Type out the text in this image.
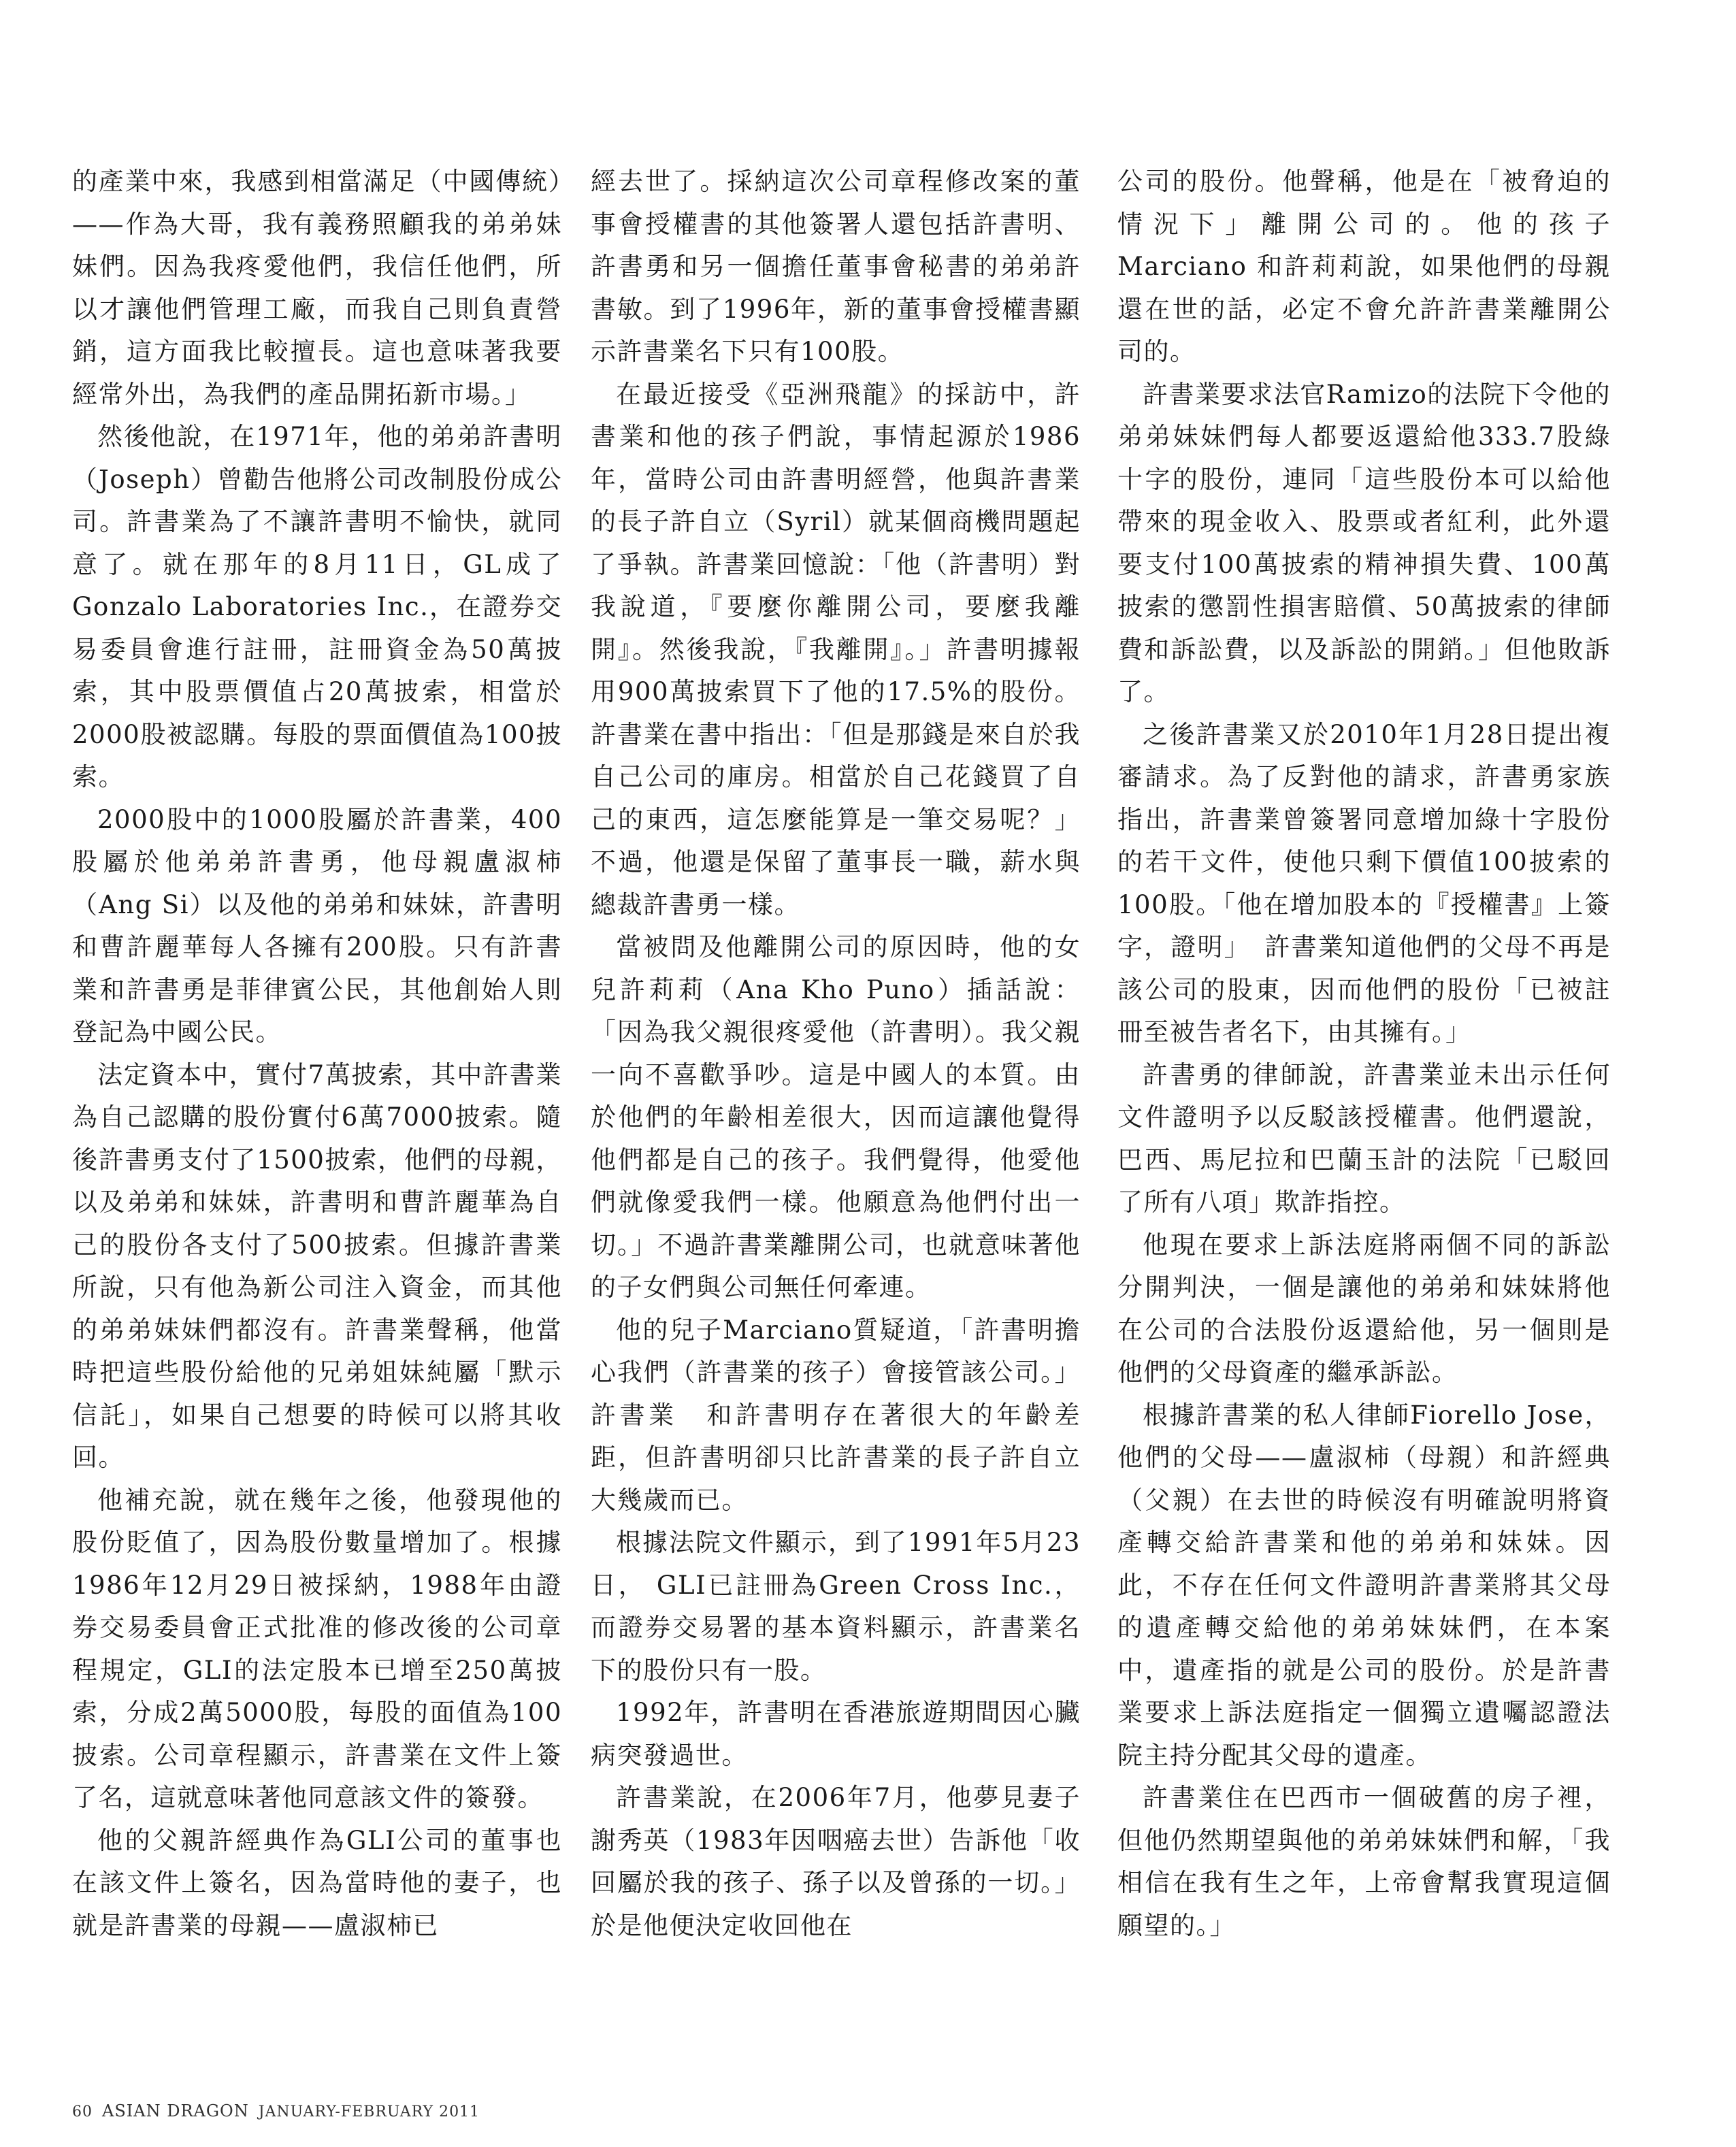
的產業中來，我感到相當滿足（中國傳統）——作為大哥，我有義務照顧我的弟弟妹妹們。因為我疼愛他們，我信任他們，所以才讓他們管理工廠，而我自己則負責營銷，這方面我比較擅長。這也意味著我要經常外出，為我們的產品開拓新市場。」

然後他說，在1971年，他的弟弟許書明（Joseph）曾勸告他將公司改制股份成公司。許書業為了不讓許書明不愉快，就同意了。就在那年的8月11日，GL成了Gonzalo Laboratories Inc.，在證券交易委員會進行註冊，註冊資金為50萬披索，其中股票價值占20萬披索，相當於2000股被認購。每股的票面價值為100披索。

2000股中的1000股屬於許書業，400股屬於他弟弟許書勇，他母親盧淑柿（Ang Si）以及他的弟弟和妹妹，許書明和曹許麗華每人各擁有200股。只有許書業和許書勇是菲律賓公民，其他創始人則登記為中國公民。

法定資本中，實付7萬披索，其中許書業為自己認購的股份實付6萬7000披索。隨後許書勇支付了1500披索，他們的母親，以及弟弟和妹妹，許書明和曹許麗華為自己的股份各支付了500披索。但據許書業所說，只有他為新公司注入資金，而其他的弟弟妹妹們都沒有。許書業聲稱，他當時把這些股份給他的兄弟姐妹純屬「默示信託」，如果自己想要的時候可以將其收回。

他補充說，就在幾年之後，他發現他的股份貶值了，因為股份數量增加了。根據1986年12月29日被採納，1988年由證券交易委員會正式批准的修改後的公司章程規定，GLI的法定股本已增至250萬披索，分成2萬5000股，每股的面值為100披索。公司章程顯示，許書業在文件上簽了名，這就意味著他同意該文件的簽發。

他的父親許經典作為GLI公司的董事也在該文件上簽名，因為當時他的妻子，也就是許書業的母親——盧淑柿已

經去世了。採納這次公司章程修改案的董事會授權書的其他簽署人還包括許書明、許書勇和另一個擔任董事會秘書的弟弟許書敏。到了1996年，新的董事會授權書顯示許書業名下只有100股。

在最近接受《亞洲飛龍》的採訪中，許書業和他的孩子們說，事情起源於1986年，當時公司由許書明經營，他與許書業的長子許自立（Syril）就某個商機問題起了爭執。許書業回憶說：「他（許書明）對我說道，『要麼你離開公司，要麼我離開』。然後我說，『我離開』。」許書明據報用900萬披索買下了他的17.5%的股份。許書業在書中指出：「但是那錢是來自於我自己公司的庫房。相當於自己花錢買了自己的東西，這怎麼能算是一筆交易呢？」不過，他還是保留了董事長一職，薪水與總裁許書勇一樣。

當被問及他離開公司的原因時，他的女兒許莉莉（Ana Kho Puno）插話說：「因為我父親很疼愛他（許書明）。我父親一向不喜歡爭吵。這是中國人的本質。由於他們的年齡相差很大，因而這讓他覺得他們都是自己的孩子。我們覺得，他愛他們就像愛我們一樣。他願意為他們付出一切。」不過許書業離開公司，也就意味著他的子女們與公司無任何牽連。

他的兒子Marciano質疑道，「許書明擔心我們（許書業的孩子）會接管該公司。」許書業　和許書明存在著很大的年齡差距，但許書明卻只比許書業的長子許自立大幾歲而已。

根據法院文件顯示，到了1991年5月23日， GLI已註冊為Green Cross Inc.，而證券交易署的基本資料顯示，許書業名下的股份只有一股。

1992年，許書明在香港旅遊期間因心臟病突發過世。

許書業說，在2006年7月，他夢見妻子謝秀英（1983年因咽癌去世）告訴他「收回屬於我的孩子、孫子以及曾孫的一切。」於是他便決定收回他在

公司的股份。他聲稱，他是在「被脅迫的情況下」離開公司的。他的孩子Marciano 和許莉莉說，如果他們的母親還在世的話，必定不會允許許書業離開公司的。

許書業要求法官Ramizo的法院下令他的弟弟妹妹們每人都要返還給他333.7股綠十字的股份，連同「這些股份本可以給他帶來的現金收入、股票或者紅利，此外還要支付100萬披索的精神損失費、100萬披索的懲罰性損害賠償、50萬披索的律師費和訴訟費，以及訴訟的開銷。」但他敗訴了。

之後許書業又於2010年1月28日提出複審請求。為了反對他的請求，許書勇家族指出，許書業曾簽署同意增加綠十字股份的若干文件，使他只剩下價值100披索的100股。「他在增加股本的『授權書』上簽字，證明」　許書業知道他們的父母不再是該公司的股東，因而他們的股份「已被註冊至被告者名下，由其擁有。」

許書勇的律師說，許書業並未出示任何文件證明予以反駁該授權書。他們還說，巴西、馬尼拉和巴蘭玉計的法院「已駁回了所有八項」欺詐指控。

他現在要求上訴法庭將兩個不同的訴訟分開判決，一個是讓他的弟弟和妹妹將他在公司的合法股份返還給他，另一個則是他們的父母資產的繼承訴訟。

根據許書業的私人律師Fiorello Jose，他們的父母——盧淑柿（母親）和許經典（父親）在去世的時候沒有明確說明將資產轉交給許書業和他的弟弟和妹妹。因此，不存在任何文件證明許書業將其父母的遺產轉交給他的弟弟妹妹們，在本案中，遺產指的就是公司的股份。於是許書業要求上訴法庭指定一個獨立遺囑認證法院主持分配其父母的遺產。

許書業住在巴西市一個破舊的房子裡，但他仍然期望與他的弟弟妹妹們和解，「我相信在我有生之年，上帝會幫我實現這個願望的。」

60 ASIAN DRAGON JANUARY-FEBRUARY 2011
